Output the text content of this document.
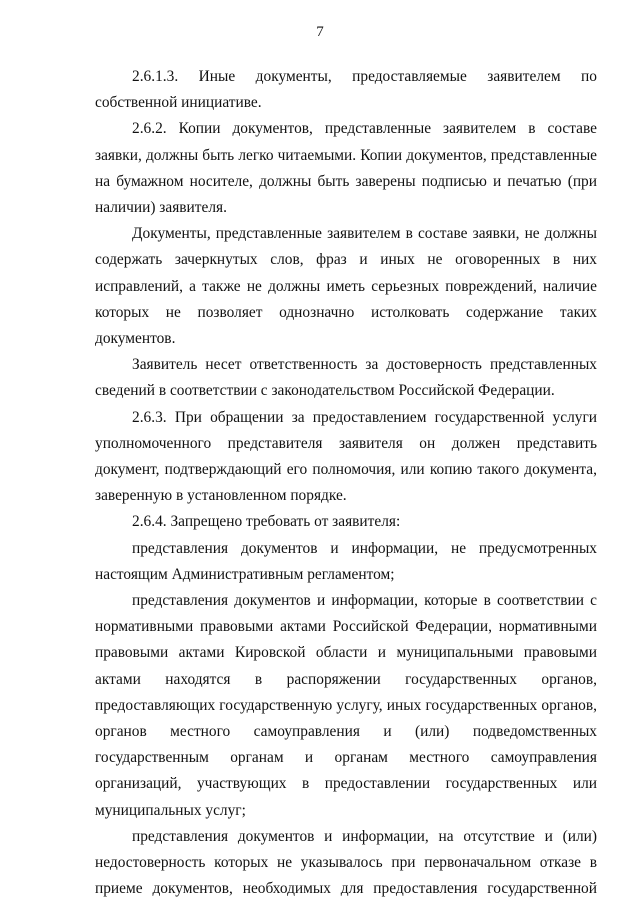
7

2.6.1.3. Иные документы, предоставляемые заявителем по собственной инициативе.

2.6.2. Копии документов, представленные заявителем в составе заявки, должны быть легко читаемыми. Копии документов, представленные на бумажном носителе, должны быть заверены подписью и печатью (при наличии) заявителя.

Документы, представленные заявителем в составе заявки, не должны содержать зачеркнутых слов, фраз и иных не оговоренных в них исправлений, а также не должны иметь серьезных повреждений, наличие которых не позволяет однозначно истолковать содержание таких документов.

Заявитель несет ответственность за достоверность представленных сведений в соответствии с законодательством Российской Федерации.

2.6.3. При обращении за предоставлением государственной услуги уполномоченного представителя заявителя он должен представить документ, подтверждающий его полномочия, или копию такого документа, заверенную в установленном порядке.

2.6.4. Запрещено требовать от заявителя:

представления документов и информации, не предусмотренных настоящим Административным регламентом;

представления документов и информации, которые в соответствии с нормативными правовыми актами Российской Федерации, нормативными правовыми актами Кировской области и муниципальными правовыми актами находятся в распоряжении государственных органов, предоставляющих государственную услугу, иных государственных органов, органов местного самоуправления и (или) подведомственных государственным органам и органам местного самоуправления организаций, участвующих в предоставлении государственных или муниципальных услуг;

представления документов и информации, на отсутствие и (или) недостоверность которых не указывалось при первоначальном отказе в приеме документов, необходимых для предоставления государственной
